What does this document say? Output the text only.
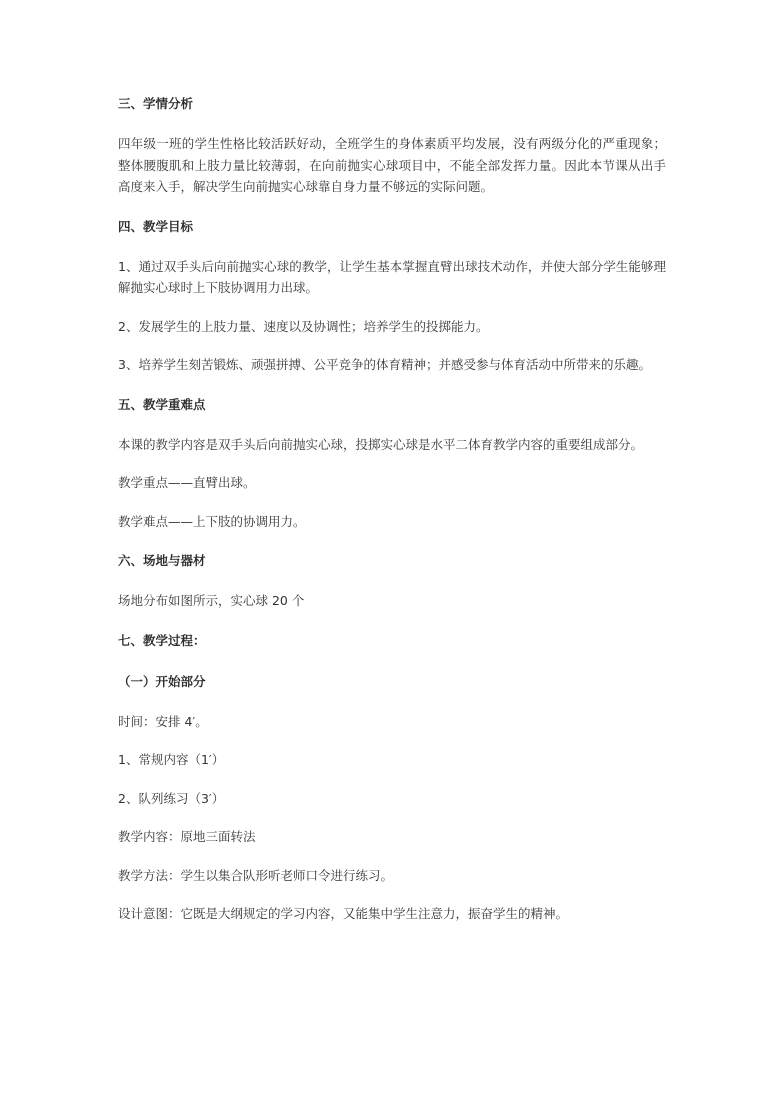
三、学情分析

四年级一班的学生性格比较活跃好动，全班学生的身体素质平均发展，没有两级分化的严重现象；整体腰腹肌和上肢力量比较薄弱，在向前抛实心球项目中，不能全部发挥力量。因此本节课从出手高度来入手，解决学生向前抛实心球靠自身力量不够远的实际问题。

四、教学目标

1、通过双手头后向前抛实心球的教学，让学生基本掌握直臂出球技术动作，并使大部分学生能够理解抛实心球时上下肢协调用力出球。

2、发展学生的上肢力量、速度以及协调性；培养学生的投掷能力。

3、培养学生刻苦锻炼、顽强拼搏、公平竞争的体育精神；并感受参与体育活动中所带来的乐趣。

五、教学重难点

本课的教学内容是双手头后向前抛实心球，投掷实心球是水平二体育教学内容的重要组成部分。

教学重点——直臂出球。

教学难点——上下肢的协调用力。

六、场地与器材

场地分布如图所示，实心球 20 个

七、教学过程：

（一）开始部分

时间：安排 4′。

1、常规内容（1′）

2、队列练习（3′）

教学内容：原地三面转法

教学方法：学生以集合队形听老师口令进行练习。

设计意图：它既是大纲规定的学习内容，又能集中学生注意力，振奋学生的精神。
